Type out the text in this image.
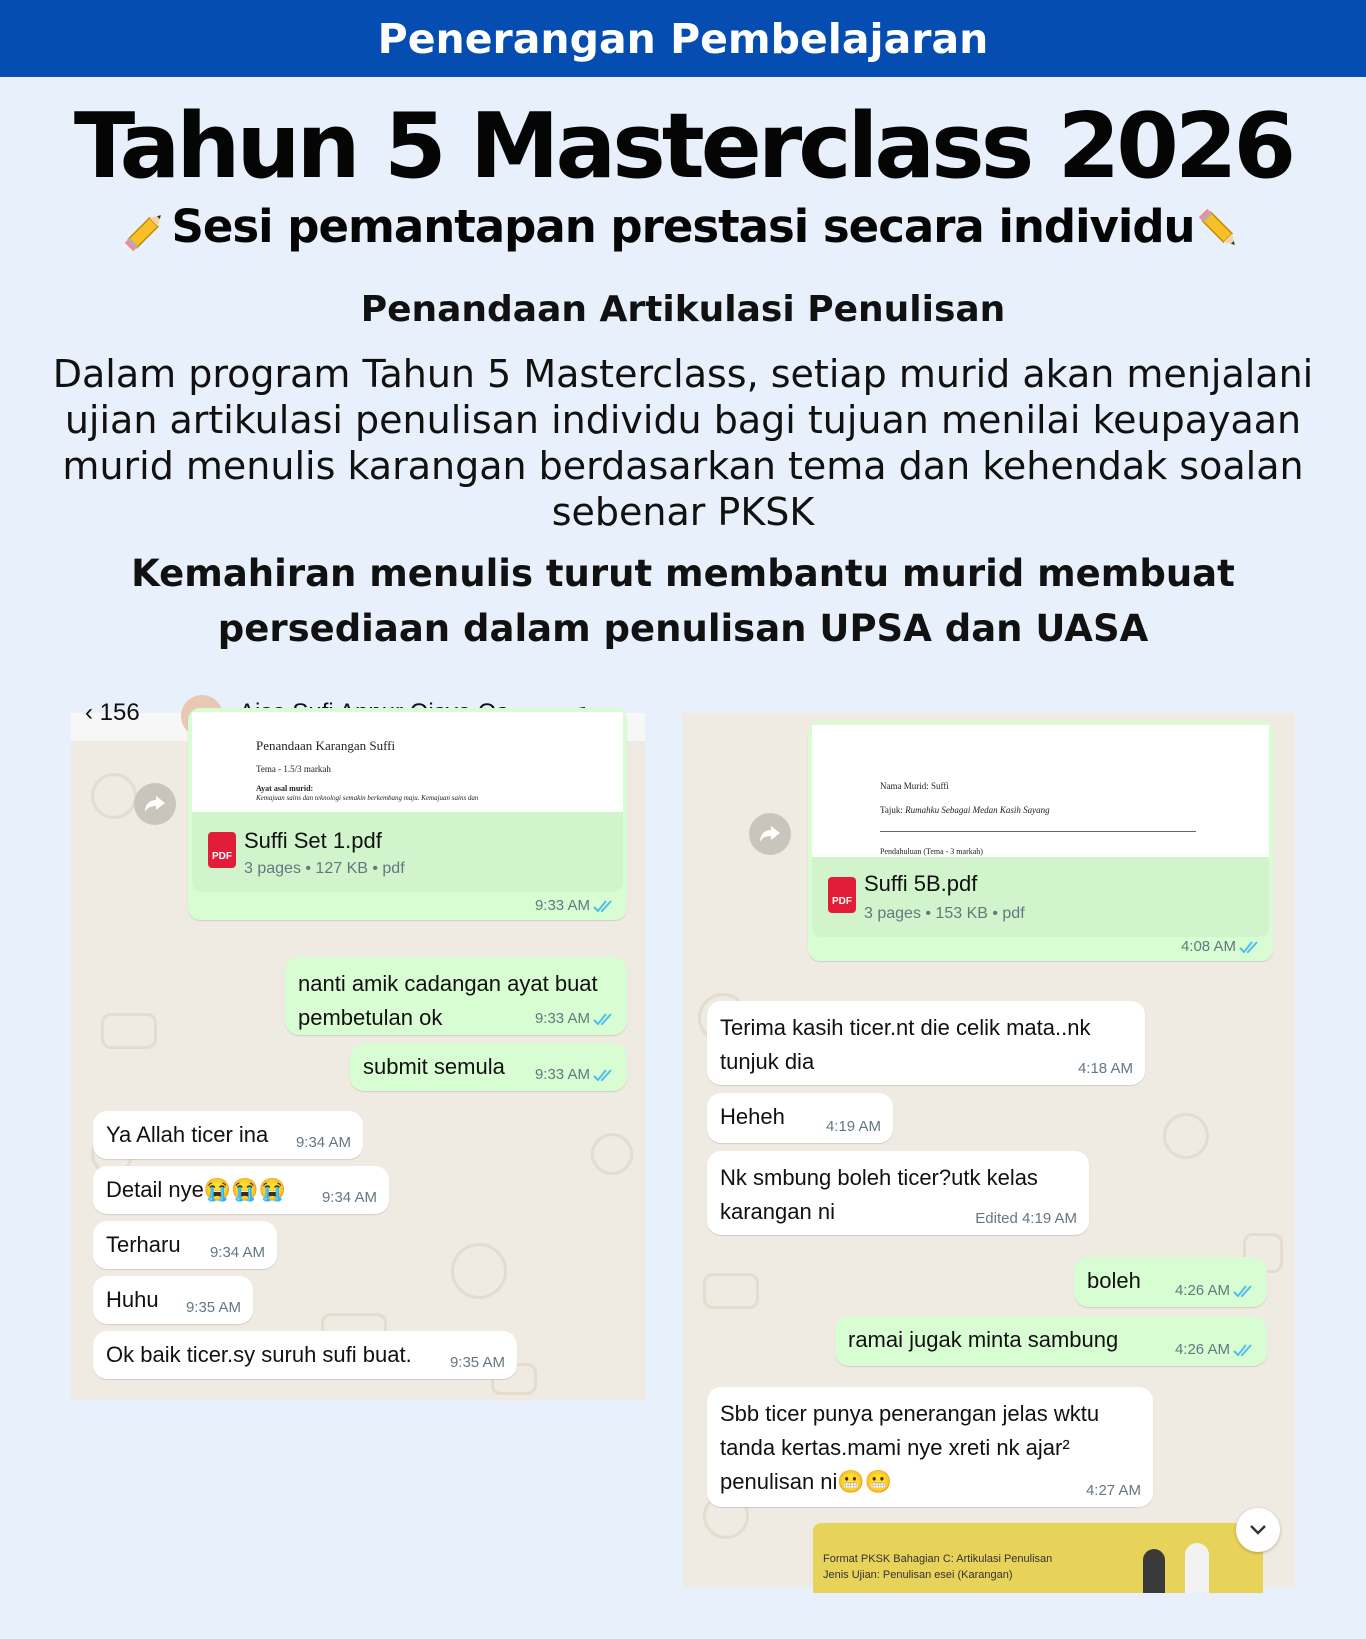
Penerangan Pembelajaran
Tahun 5 Masterclass 2026
Sesi pemantapan prestasi secara individu
Penandaan Artikulasi Penulisan
Dalam program Tahun 5 Masterclass, setiap murid akan menjalani ujian artikulasi penulisan individu bagi tujuan menilai keupayaan murid menulis karangan berdasarkan tema dan kehendak soalan sebenar PKSK
Kemahiran menulis turut membantu murid membuat persediaan dalam penulisan UPSA dan UASA
‹ 156
Penandaan Karangan Suffi
Tema - 1.5/3 markah
Ayat asal murid:
Kemajuan sains dan teknologi semakin berkembang maju. Kemajuan sains dan
PDF
Suffi Set 1.pdf
3 pages • 127 KB • pdf
9:33 AM
nanti amik cadangan ayat buat pembetulan ok	9:33 AM
submit semula 9:33 AM
Ya Allah ticer ina 9:34 AM
Detail nye😭😭😭 9:34 AM
Terharu 9:34 AM
Huhu 9:35 AM
Ok baik ticer.sy suruh sufi buat.	9:35 AM
Nama Murid: Suffi
Tajuk: Rumahku Sebagai Medan Kasih Sayang
Pendahuluan (Tema - 3 markah)
PDF
Suffi 5B.pdf
3 pages • 153 KB • pdf
4:08 AM
Terima kasih ticer.nt die celik mata..nk tunjuk dia	4:18 AM
Heheh	4:19 AM
Nk smbung boleh ticer?utk kelas karangan ni	Edited 4:19 AM
boleh 4:26 AM
ramai jugak minta sambung	4:26 AM
Sbb ticer punya penerangan jelas wktu tanda kertas.mami nye xreti nk ajar² penulisan ni😬😬	4:27 AM
Format PKSK Bahagian C: Artikulasi Penulisan
Jenis Ujian: Penulisan esei (Karangan)
